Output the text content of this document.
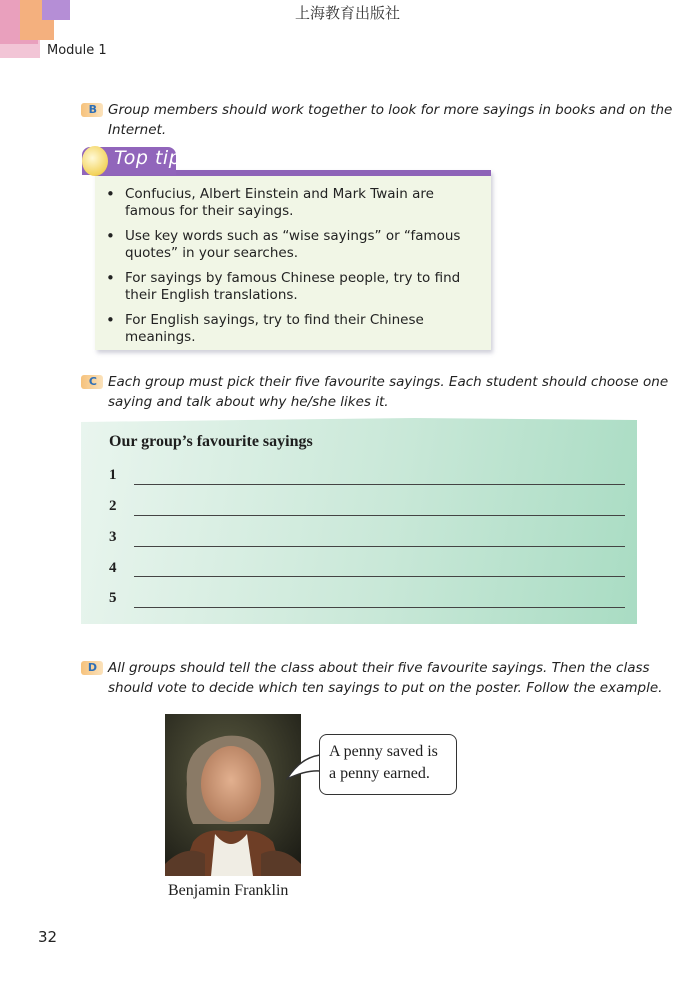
上海教育出版社
Module 1
B Group members should work together to look for more sayings in books and on the
Internet.
Top tip
• Confucius, Albert Einstein and Mark Twain are famous for their sayings.
• Use key words such as “wise sayings” or “famous quotes” in your searches.
• For sayings by famous Chinese people, try to find their English translations.
• For English sayings, try to find their Chinese meanings.
C Each group must pick their five favourite sayings. Each student should choose one
saying and talk about why he/she likes it.
Our group’s favourite sayings
1
2
3
4
5
D All groups should tell the class about their five favourite sayings. Then the class
should vote to decide which ten sayings to put on the poster. Follow the example.
Benjamin Franklin
A penny saved is
a penny earned.
32
